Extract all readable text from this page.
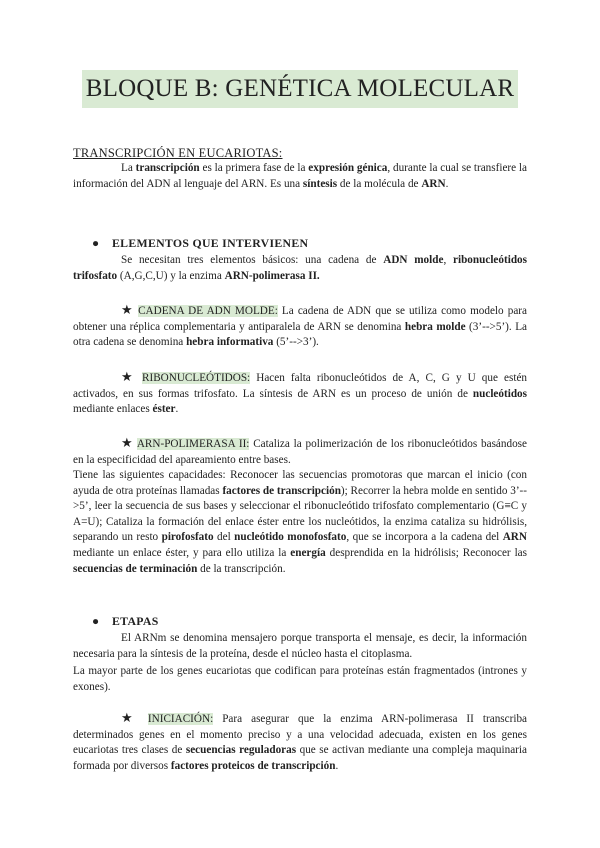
BLOQUE B: GENÉTICA MOLECULAR
TRANSCRIPCIÓN EN EUCARIOTAS:

La transcripción es la primera fase de la expresión génica, durante la cual se transfiere la información del ADN al lenguaje del ARN. Es una síntesis de la molécula de ARN.

● ELEMENTOS QUE INTERVIENEN

Se necesitan tres elementos básicos: una cadena de ADN molde, ribonucleótidos trifosfato (A,G,C,U) y la enzima ARN-polimerasa II.

★ CADENA DE ADN MOLDE: La cadena de ADN que se utiliza como modelo para obtener una réplica complementaria y antiparalela de ARN se denomina hebra molde (3’-->5’). La otra cadena se denomina hebra informativa (5’-->3’).

★ RIBONUCLEÓTIDOS: Hacen falta ribonucleótidos de A, C, G y U que estén activados, en sus formas trifosfato. La síntesis de ARN es un proceso de unión de nucleótidos mediante enlaces éster.

★ ARN-POLIMERASA II: Cataliza la polimerización de los ribonucleótidos basándose en la especificidad del apareamiento entre bases.

Tiene las siguientes capacidades: Reconocer las secuencias promotoras que marcan el inicio (con ayuda de otra proteínas llamadas factores de transcripción); Recorrer la hebra molde en sentido 3’-->5’, leer la secuencia de sus bases y seleccionar el ribonucleótido trifosfato complementario (G≡C y A=U); Cataliza la formación del enlace éster entre los nucleótidos, la enzima cataliza su hidrólisis, separando un resto pirofosfato del nucleótido monofosfato, que se incorpora a la cadena del ARN mediante un enlace éster, y para ello utiliza la energía desprendida en la hidrólisis; Reconocer las secuencias de terminación de la transcripción.

● ETAPAS

El ARNm se denomina mensajero porque transporta el mensaje, es decir, la información necesaria para la síntesis de la proteína, desde el núcleo hasta el citoplasma.

La mayor parte de los genes eucariotas que codifican para proteínas están fragmentados (intrones y exones).

★ INICIACIÓN: Para asegurar que la enzima ARN-polimerasa II transcriba determinados genes en el momento preciso y a una velocidad adecuada, existen en los genes eucariotas tres clases de secuencias reguladoras que se activan mediante una compleja maquinaria formada por diversos factores proteicos de transcripción.
